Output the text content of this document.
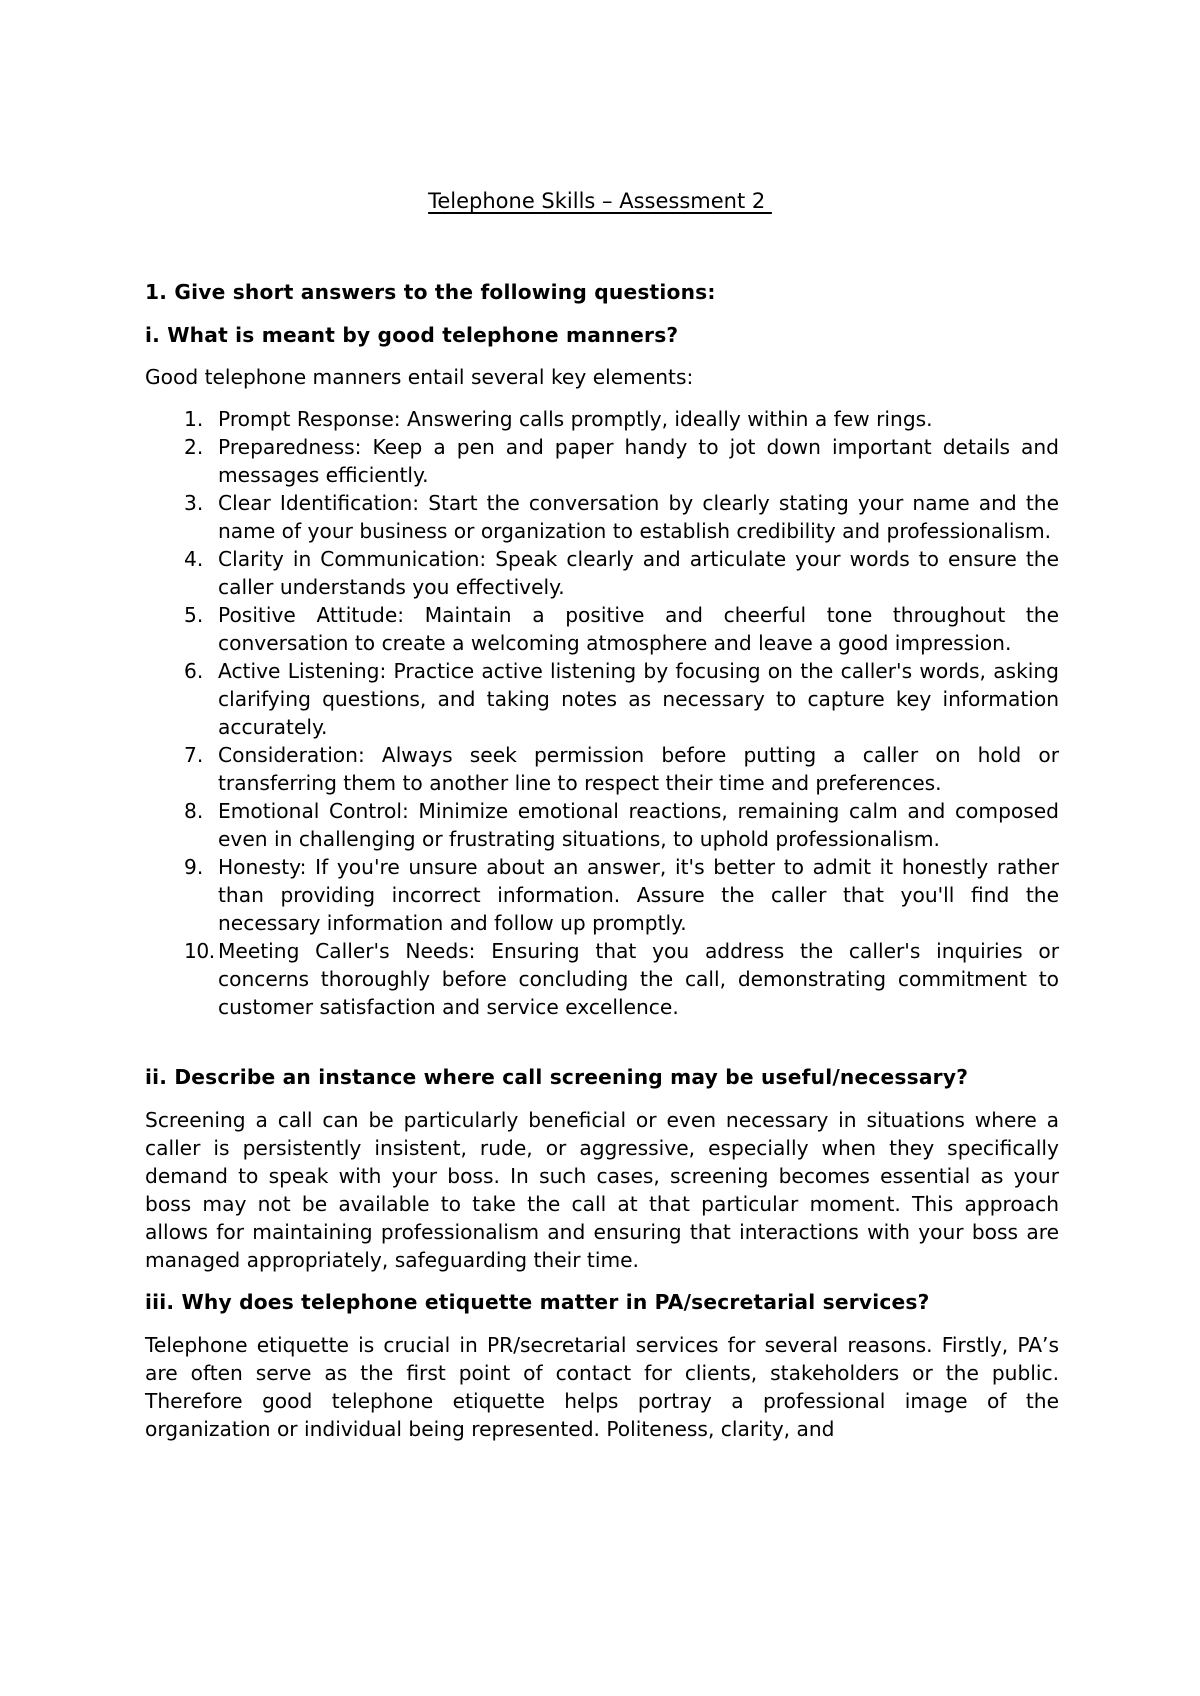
Telephone Skills – Assessment 2

1. Give short answers to the following questions:

i. What is meant by good telephone manners?

Good telephone manners entail several key elements:

1. Prompt Response: Answering calls promptly, ideally within a few rings.
2. Preparedness: Keep a pen and paper handy to jot down important details and messages efficiently.
3. Clear Identification: Start the conversation by clearly stating your name and the name of your business or organization to establish credibility and professionalism.
4. Clarity in Communication: Speak clearly and articulate your words to ensure the caller understands you effectively.
5. Positive Attitude: Maintain a positive and cheerful tone throughout the conversation to create a welcoming atmosphere and leave a good impression.
6. Active Listening: Practice active listening by focusing on the caller's words, asking clarifying questions, and taking notes as necessary to capture key information accurately.
7. Consideration: Always seek permission before putting a caller on hold or transferring them to another line to respect their time and preferences.
8. Emotional Control: Minimize emotional reactions, remaining calm and composed even in challenging or frustrating situations, to uphold professionalism.
9. Honesty: If you're unsure about an answer, it's better to admit it honestly rather than providing incorrect information. Assure the caller that you'll find the necessary information and follow up promptly.
10. Meeting Caller's Needs: Ensuring that you address the caller's inquiries or concerns thoroughly before concluding the call, demonstrating commitment to customer satisfaction and service excellence.

ii. Describe an instance where call screening may be useful/necessary?

Screening a call can be particularly beneficial or even necessary in situations where a caller is persistently insistent, rude, or aggressive, especially when they specifically demand to speak with your boss. In such cases, screening becomes essential as your boss may not be available to take the call at that particular moment. This approach allows for maintaining professionalism and ensuring that interactions with your boss are managed appropriately, safeguarding their time.

iii. Why does telephone etiquette matter in PA/secretarial services?

Telephone etiquette is crucial in PR/secretarial services for several reasons. Firstly, PA’s are often serve as the first point of contact for clients, stakeholders or the public. Therefore good telephone etiquette helps portray a professional image of the organization or individual being represented. Politeness, clarity, and
